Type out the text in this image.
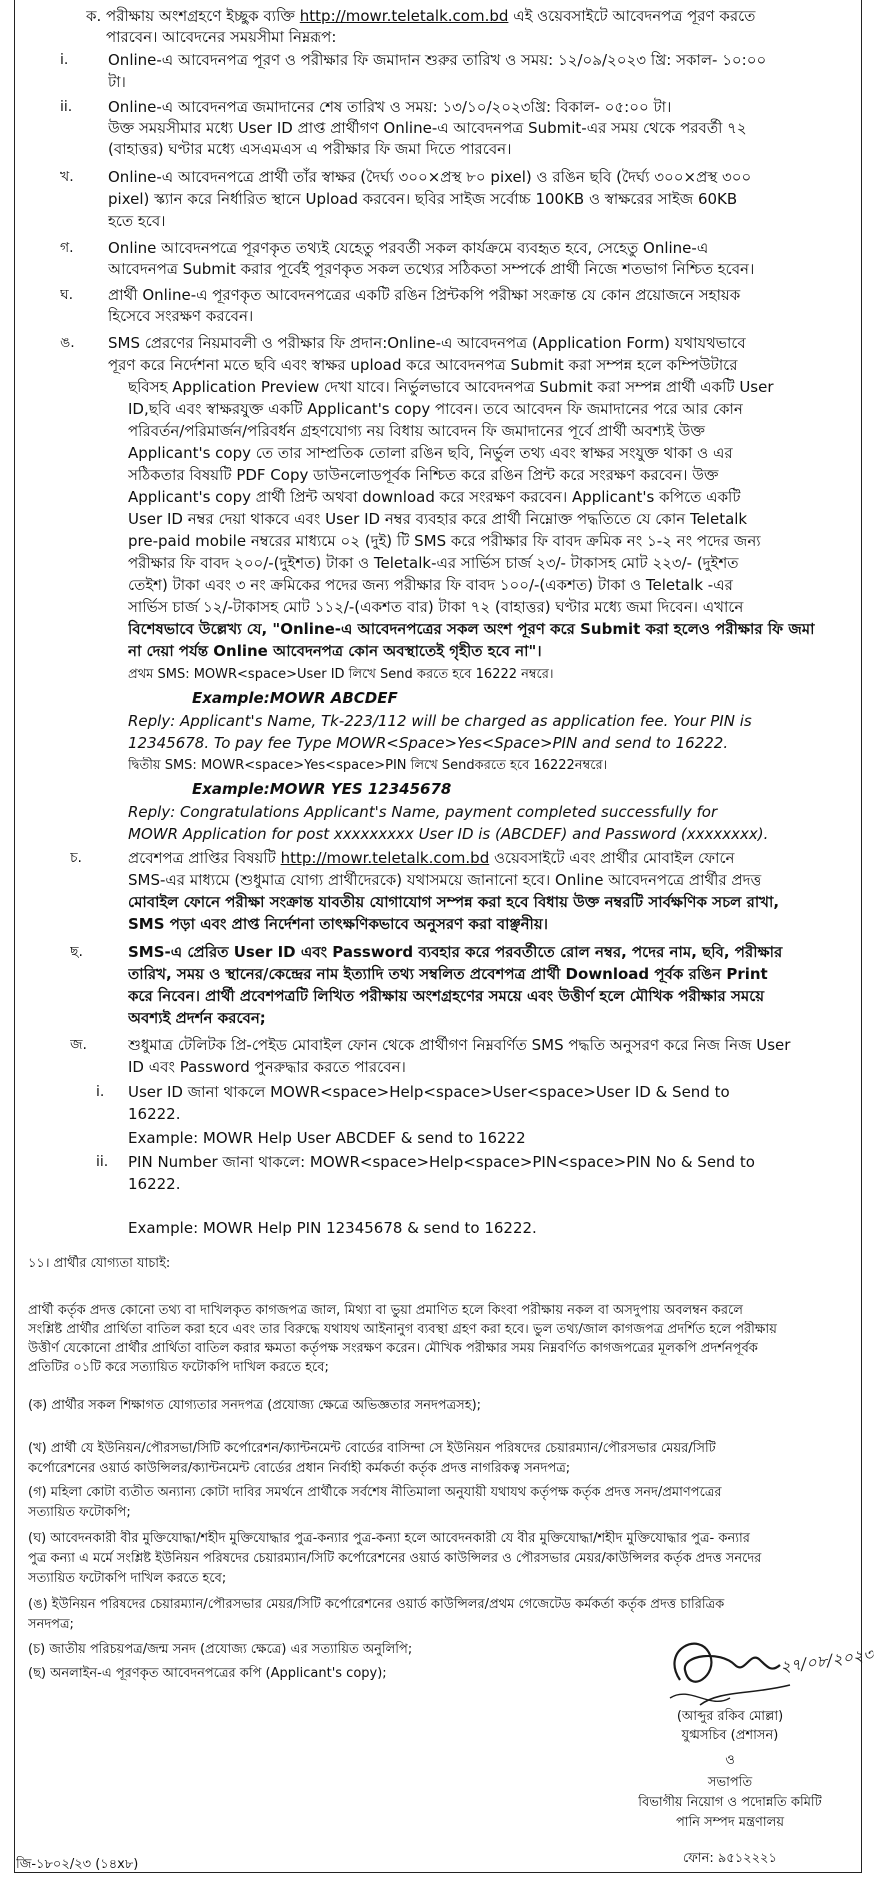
ক. পরীক্ষায় অংশগ্রহণে ইচ্ছুক ব্যক্তি http://mowr.teletalk.com.bd এই ওয়েবসাইটে আবেদনপত্র পূরণ করতে
পারবেন। আবেদনের সময়সীমা নিম্নরূপ:
i.	Online-এ আবেদনপত্র পূরণ ও পরীক্ষার ফি জমাদান শুরুর তারিখ ও সময়: ১২/০৯/২০২৩ খ্রি: সকাল- ১০:০০
টা।
ii. Online-এ আবেদনপত্র জমাদানের শেষ তারিখ ও সময়: ১৩/১০/২০২৩খ্রি: বিকাল- ০৫:০০ টা।
উক্ত সময়সীমার মধ্যে User ID প্রাপ্ত প্রার্থীগণ Online-এ আবেদনপত্র Submit-এর সময় থেকে পরবর্তী ৭২
(বাহাত্তর) ঘণ্টার মধ্যে এসএমএস এ পরীক্ষার ফি জমা দিতে পারবেন।
খ. Online-এ আবেদনপত্রে প্রার্থী তাঁর স্বাক্ষর (দৈর্ঘ্য ৩০০×প্রস্থ ৮০ pixel) ও রঙিন ছবি (দৈর্ঘ্য ৩০০×প্রস্থ ৩০০
pixel) স্ক্যান করে নির্ধারিত স্থানে Upload করবেন। ছবির সাইজ সর্বোচ্চ 100KB ও স্বাক্ষরের সাইজ 60KB
হতে হবে।
গ. Online আবেদনপত্রে পূরণকৃত তথ্যই যেহেতু পরবর্তী সকল কার্যক্রমে ব্যবহৃত হবে, সেহেতু Online-এ
আবেদনপত্র Submit করার পূর্বেই পূরণকৃত সকল তথ্যের সঠিকতা সম্পর্কে প্রার্থী নিজে শতভাগ নিশ্চিত হবেন।
ঘ. প্রার্থী Online-এ পূরণকৃত আবেদনপত্রের একটি রঙিন প্রিন্টকপি পরীক্ষা সংক্রান্ত যে কোন প্রয়োজনে সহায়ক
হিসেবে সংরক্ষণ করবেন।
ঙ. SMS প্রেরণের নিয়মাবলী ও পরীক্ষার ফি প্রদান:Online-এ আবেদনপত্র (Application Form) যথাযথভাবে
পূরণ করে নির্দেশনা মতে ছবি এবং স্বাক্ষর upload করে আবেদনপত্র Submit করা সম্পন্ন হলে কম্পিউটারে
ছবিসহ Application Preview দেখা যাবে। নির্ভুলভাবে আবেদনপত্র Submit করা সম্পন্ন প্রার্থী একটি User
ID,ছবি এবং স্বাক্ষরযুক্ত একটি Applicant's copy পাবেন। তবে আবেদন ফি জমাদানের পরে আর কোন
পরিবর্তন/পরিমার্জন/পরিবর্ধন গ্রহণযোগ্য নয় বিধায় আবেদন ফি জমাদানের পূর্বে প্রার্থী অবশ্যই উক্ত
Applicant's copy তে তার সাম্প্রতিক তোলা রঙিন ছবি, নির্ভুল তথ্য এবং স্বাক্ষর সংযুক্ত থাকা ও এর
সঠিকতার বিষয়টি PDF Copy ডাউনলোডপূর্বক নিশ্চিত করে রঙিন প্রিন্ট করে সংরক্ষণ করবেন। উক্ত
Applicant's copy প্রার্থী প্রিন্ট অথবা download করে সংরক্ষণ করবেন। Applicant's কপিতে একটি
User ID নম্বর দেয়া থাকবে এবং User ID নম্বর ব্যবহার করে প্রার্থী নিম্নোক্ত পদ্ধতিতে যে কোন Teletalk
pre-paid mobile নম্বরের মাধ্যমে ০২ (দুই) টি SMS করে পরীক্ষার ফি বাবদ ক্রমিক নং ১-২ নং পদের জন্য
পরীক্ষার ফি বাবদ ২০০/-(দুইশত) টাকা ও Teletalk-এর সার্ভিস চার্জ ২৩/- টাকাসহ মোট ২২৩/- (দুইশত
তেইশ) টাকা এবং ৩ নং ক্রমিকের পদের জন্য পরীক্ষার ফি বাবদ ১০০/-(একশত) টাকা ও Teletalk -এর
সার্ভিস চার্জ ১২/-টাকাসহ মোট ১১২/-(একশত বার) টাকা ৭২ (বাহাত্তর) ঘণ্টার মধ্যে জমা দিবেন। এখানে
বিশেষভাবে উল্লেখ্য যে, "Online-এ আবেদনপত্রের সকল অংশ পূরণ করে Submit করা হলেও পরীক্ষার ফি জমা
না দেয়া পর্যন্ত Online আবেদনপত্র কোন অবস্থাতেই গৃহীত হবে না"।
প্রথম SMS: MOWR<space>User ID লিখে Send করতে হবে 16222 নম্বরে।
Example:MOWR ABCDEF
Reply: Applicant's Name, Tk-223/112 will be charged as application fee. Your PIN is
12345678. To pay fee Type MOWR<Space>Yes<Space>PIN and send to 16222.
দ্বিতীয় SMS: MOWR<space>Yes<space>PIN লিখে Sendকরতে হবে 16222নম্বরে।
Example:MOWR YES 12345678
Reply: Congratulations Applicant's Name, payment completed successfully for
MOWR Application for post xxxxxxxxx User ID is (ABCDEF) and Password (xxxxxxxx).
চ.	প্রবেশপত্র প্রাপ্তির বিষয়টি http://mowr.teletalk.com.bd ওয়েবসাইটে এবং প্রার্থীর মোবাইল ফোনে
SMS-এর মাধ্যমে (শুধুমাত্র যোগ্য প্রার্থীদেরকে) যথাসময়ে জানানো হবে। Online আবেদনপত্রে প্রার্থীর প্রদত্ত
মোবাইল ফোনে পরীক্ষা সংক্রান্ত যাবতীয় যোগাযোগ সম্পন্ন করা হবে বিধায় উক্ত নম্বরটি সার্বক্ষণিক সচল রাখা,
SMS পড়া এবং প্রাপ্ত নির্দেশনা তাৎক্ষণিকভাবে অনুসরণ করা বাঞ্ছনীয়।
ছ.	SMS-এ প্রেরিত User ID এবং Password ব্যবহার করে পরবর্তীতে রোল নম্বর, পদের নাম, ছবি, পরীক্ষার
তারিখ, সময় ও স্থানের/কেন্দ্রের নাম ইত্যাদি তথ্য সম্বলিত প্রবেশপত্র প্রার্থী Download পূর্বক রঙিন Print
করে নিবেন। প্রার্থী প্রবেশপত্রটি লিখিত পরীক্ষায় অংশগ্রহণের সময়ে এবং উত্তীর্ণ হলে মৌখিক পরীক্ষার সময়ে
অবশ্যই প্রদর্শন করবেন;
জ.	শুধুমাত্র টেলিটক প্রি-পেইড মোবাইল ফোন থেকে প্রার্থীগণ নিম্নবর্ণিত SMS পদ্ধতি অনুসরণ করে নিজ নিজ User
ID এবং Password পুনরুদ্ধার করতে পারবেন।
i. User ID জানা থাকলে MOWR<space>Help<space>User<space>User ID & Send to
16222.
Example: MOWR Help User ABCDEF & send to 16222
ii. PIN Number জানা থাকলে: MOWR<space>Help<space>PIN<space>PIN No & Send to
16222.
Example: MOWR Help PIN 12345678 & send to 16222.
১১। প্রার্থীর যোগ্যতা যাচাই:
প্রার্থী কর্তৃক প্রদত্ত কোনো তথ্য বা দাখিলকৃত কাগজপত্র জাল, মিথ্যা বা ভুয়া প্রমাণিত হলে কিংবা পরীক্ষায় নকল বা অসদুপায় অবলম্বন করলে
সংশ্লিষ্ট প্রার্থীর প্রার্থিতা বাতিল করা হবে এবং তার বিরুদ্ধে যথাযথ আইনানুগ ব্যবস্থা গ্রহণ করা হবে। ভুল তথ্য/জাল কাগজপত্র প্রদর্শিত হলে পরীক্ষায়
উত্তীর্ণ যেকোনো প্রার্থীর প্রার্থিতা বাতিল করার ক্ষমতা কর্তৃপক্ষ সংরক্ষণ করেন। মৌখিক পরীক্ষার সময় নিম্নবর্ণিত কাগজপত্রের মূলকপি প্রদর্শনপূর্বক
প্রতিটির ০১টি করে সত্যায়িত ফটোকপি দাখিল করতে হবে;
(ক) প্রার্থীর সকল শিক্ষাগত যোগ্যতার সনদপত্র (প্রযোজ্য ক্ষেত্রে অভিজ্ঞতার সনদপত্রসহ);
(খ) প্রার্থী যে ইউনিয়ন/পৌরসভা/সিটি কর্পোরেশন/ক্যান্টনমেন্ট বোর্ডের বাসিন্দা সে ইউনিয়ন পরিষদের চেয়ারম্যান/পৌরসভার মেয়র/সিটি
কর্পোরেশনের ওয়ার্ড কাউন্সিলর/ক্যান্টনমেন্ট বোর্ডের প্রধান নির্বাহী কর্মকর্তা কর্তৃক প্রদত্ত নাগরিকত্ব সনদপত্র;
(গ) মহিলা কোটা ব্যতীত অন্যান্য কোটা দাবির সমর্থনে প্রার্থীকে সর্বশেষ নীতিমালা অনুযায়ী যথাযথ কর্তৃপক্ষ কর্তৃক প্রদত্ত সনদ/প্রমাণপত্রের
সত্যায়িত ফটোকপি;
(ঘ) আবেদনকারী বীর মুক্তিযোদ্ধা/শহীদ মুক্তিযোদ্ধার পুত্র-কন্যার পুত্র-কন্যা হলে আবেদনকারী যে বীর মুক্তিযোদ্ধা/শহীদ মুক্তিযোদ্ধার পুত্র- কন্যার
পুত্র কন্যা এ মর্মে সংশ্লিষ্ট ইউনিয়ন পরিষদের চেয়ারম্যান/সিটি কর্পোরেশনের ওয়ার্ড কাউন্সিলর ও পৌরসভার মেয়র/কাউন্সিলর কর্তৃক প্রদত্ত সনদের
সত্যায়িত ফটোকপি দাখিল করতে হবে;
(ঙ) ইউনিয়ন পরিষদের চেয়ারম্যান/পৌরসভার মেয়র/সিটি কর্পোরেশনের ওয়ার্ড কাউন্সিলর/প্রথম গেজেটেড কর্মকর্তা কর্তৃক প্রদত্ত চারিত্রিক
সনদপত্র;
(চ) জাতীয় পরিচয়পত্র/জন্ম সনদ (প্রযোজ্য ক্ষেত্রে) এর সত্যায়িত অনুলিপি;
(ছ) অনলাইন-এ পূরণকৃত আবেদনপত্রের কপি (Applicant's copy);	২৭/০৮/২০২৩
(আব্দুর রকিব মোল্লা)
যুগ্মসচিব (প্রশাসন)
ও
সভাপতি
বিভাগীয় নিয়োগ ও পদোন্নতি কমিটি
পানি সম্পদ মন্ত্রণালয়
ফোন: ৯৫১২২২১
জি-১৮০২/২৩ (১৪x৮)
